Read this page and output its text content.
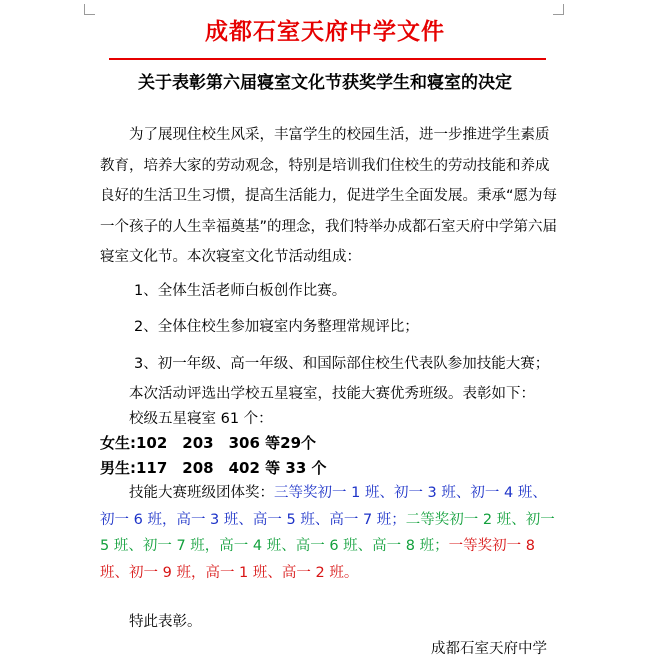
成都石室天府中学文件
关于表彰第六届寝室文化节获奖学生和寝室的决定

为了展现住校生风采，丰富学生的校园生活，进一步推进学生素质教育，培养大家的劳动观念，特别是培训我们住校生的劳动技能和养成良好的生活卫生习惯，提高生活能力，促进学生全面发展。秉承“愿为每一个孩子的人生幸福奠基”的理念，我们特举办成都石室天府中学第六届寝室文化节。本次寝室文化节活动组成：

1、全体生活老师白板创作比赛。

2、全体住校生参加寝室内务整理常规评比；

3、初一年级、高一年级、和国际部住校生代表队参加技能大赛；

本次活动评选出学校五星寝室，技能大赛优秀班级。表彰如下：

校级五星寝室 61 个：

女生:102　203　306 等29个

男生:117　208　402 等 33 个

技能大赛班级团体奖：三等奖初一 1 班、初一 3 班、初一 4 班、初一 6 班，高一 3 班、高一 5 班、高一 7 班；二等奖初一 2 班、初一 5 班、初一 7 班，高一 4 班、高一 6 班、高一 8 班；一等奖初一 8 班、初一 9 班，高一 1 班、高一 2 班。

特此表彰。
成都石室天府中学
